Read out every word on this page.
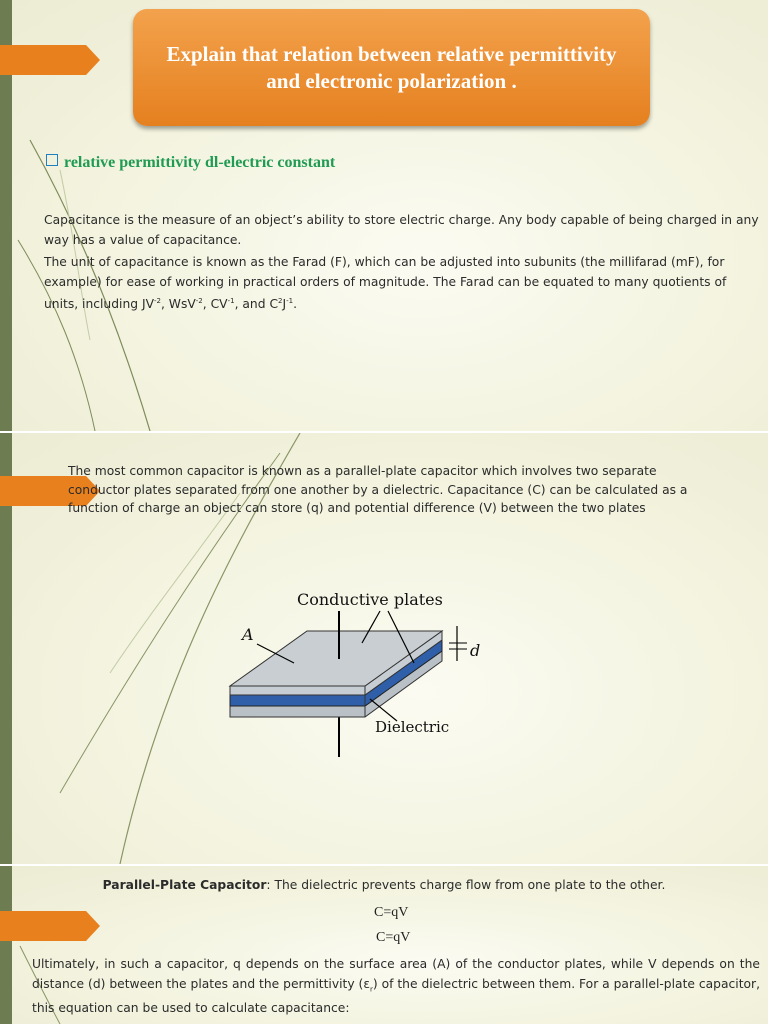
Explain that relation between relative permittivity and electronic polarization .
relative permittivity dl-electric constant
Capacitance is the measure of an object’s ability to store electric charge. Any body capable of being charged in any way has a value of capacitance.
The unit of capacitance is known as the Farad (F), which can be adjusted into subunits (the millifarad (mF), for example) for ease of working in practical orders of magnitude. The Farad can be equated to many quotients of units, including $JV^{-2}$, WsV$^{-2}$, $CV^{-1}$, and $C^2J^{-1}$.
The most common capacitor is known as a parallel-plate capacitor which involves two separate conductor plates separated from one another by a dielectric. Capacitance (C) can be calculated as a function of charge an object can store (q) and potential difference (V) between the two plates
Conductive plates
A
d
Dielectric
Parallel-Plate Capacitor: The dielectric prevents charge flow from one plate to the other.
C=qV
C=qV
Ultimately, in such a capacitor, q depends on the surface area (A) of the conductor plates, while V depends on the distance (d) between the plates and the permittivity $(\varepsilon_r)$ of the dielectric between them. For a parallel-plate capacitor, this equation can be used to calculate capacitance:
